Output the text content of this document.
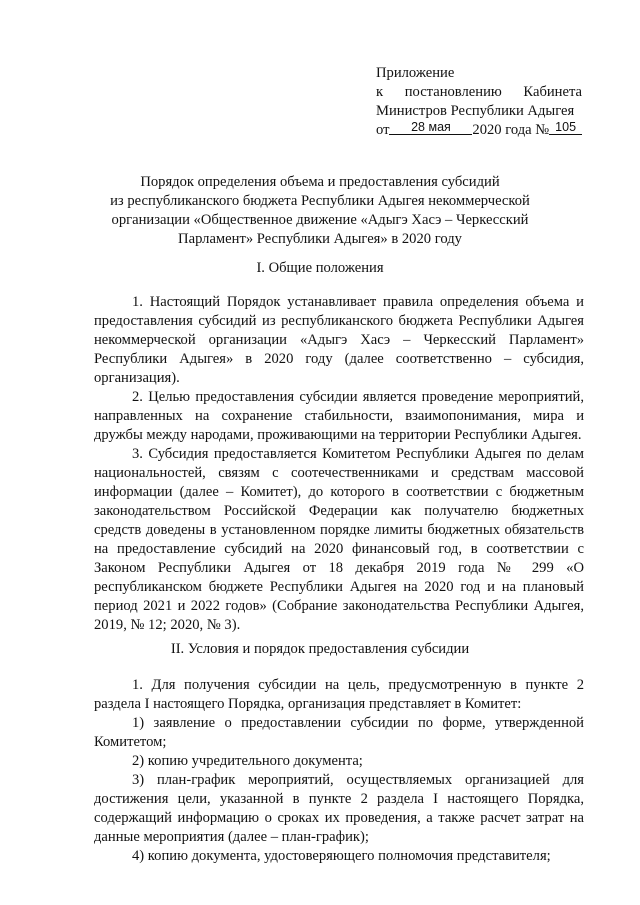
Приложение
к постановлению Кабинета
Министров Республики Адыгея
от	28 мая	2020 года № 105
Порядок определения объема и предоставления субсидий
из республиканского бюджета Республики Адыгея некоммерческой
организации «Общественное движение «Адыгэ Хасэ – Черкесский
Парламент» Республики Адыгея» в 2020 году
I. Общие положения

1. Настоящий Порядок устанавливает правила определения объема и предоставления субсидий из республиканского бюджета Республики Адыгея некоммерческой организации «Адыгэ Хасэ – Черкесский Парламент» Республики Адыгея» в 2020 году (далее соответственно – субсидия, организация).

2. Целью предоставления субсидии является проведение мероприятий, направленных на сохранение стабильности, взаимопонимания, мира и дружбы между народами, проживающими на территории Республики Адыгея.

3. Субсидия предоставляется Комитетом Республики Адыгея по делам национальностей, связям с соотечественниками и средствам массовой информации (далее – Комитет), до которого в соответствии с бюджетным законодательством Российской Федерации как получателю бюджетных средств доведены в установленном порядке лимиты бюджетных обязательств на предоставление субсидий на 2020 финансовый год, в соответствии с Законом Республики Адыгея от 18 декабря 2019 года № 299 «О республиканском бюджете Республики Адыгея на 2020 год и на плановый период 2021 и 2022 годов» (Собрание законодательства Республики Адыгея, 2019, № 12; 2020, № 3).

II. Условия и порядок предоставления субсидии

1. Для получения субсидии на цель, предусмотренную в пункте 2 раздела I настоящего Порядка, организация представляет в Комитет:

1) заявление о предоставлении субсидии по форме, утвержденной Комитетом;

2) копию учредительного документа;

3) план-график мероприятий, осуществляемых организацией для достижения цели, указанной в пункте 2 раздела I настоящего Порядка, содержащий информацию о сроках их проведения, а также расчет затрат на данные мероприятия (далее – план-график);

4) копию документа, удостоверяющего полномочия представителя;
